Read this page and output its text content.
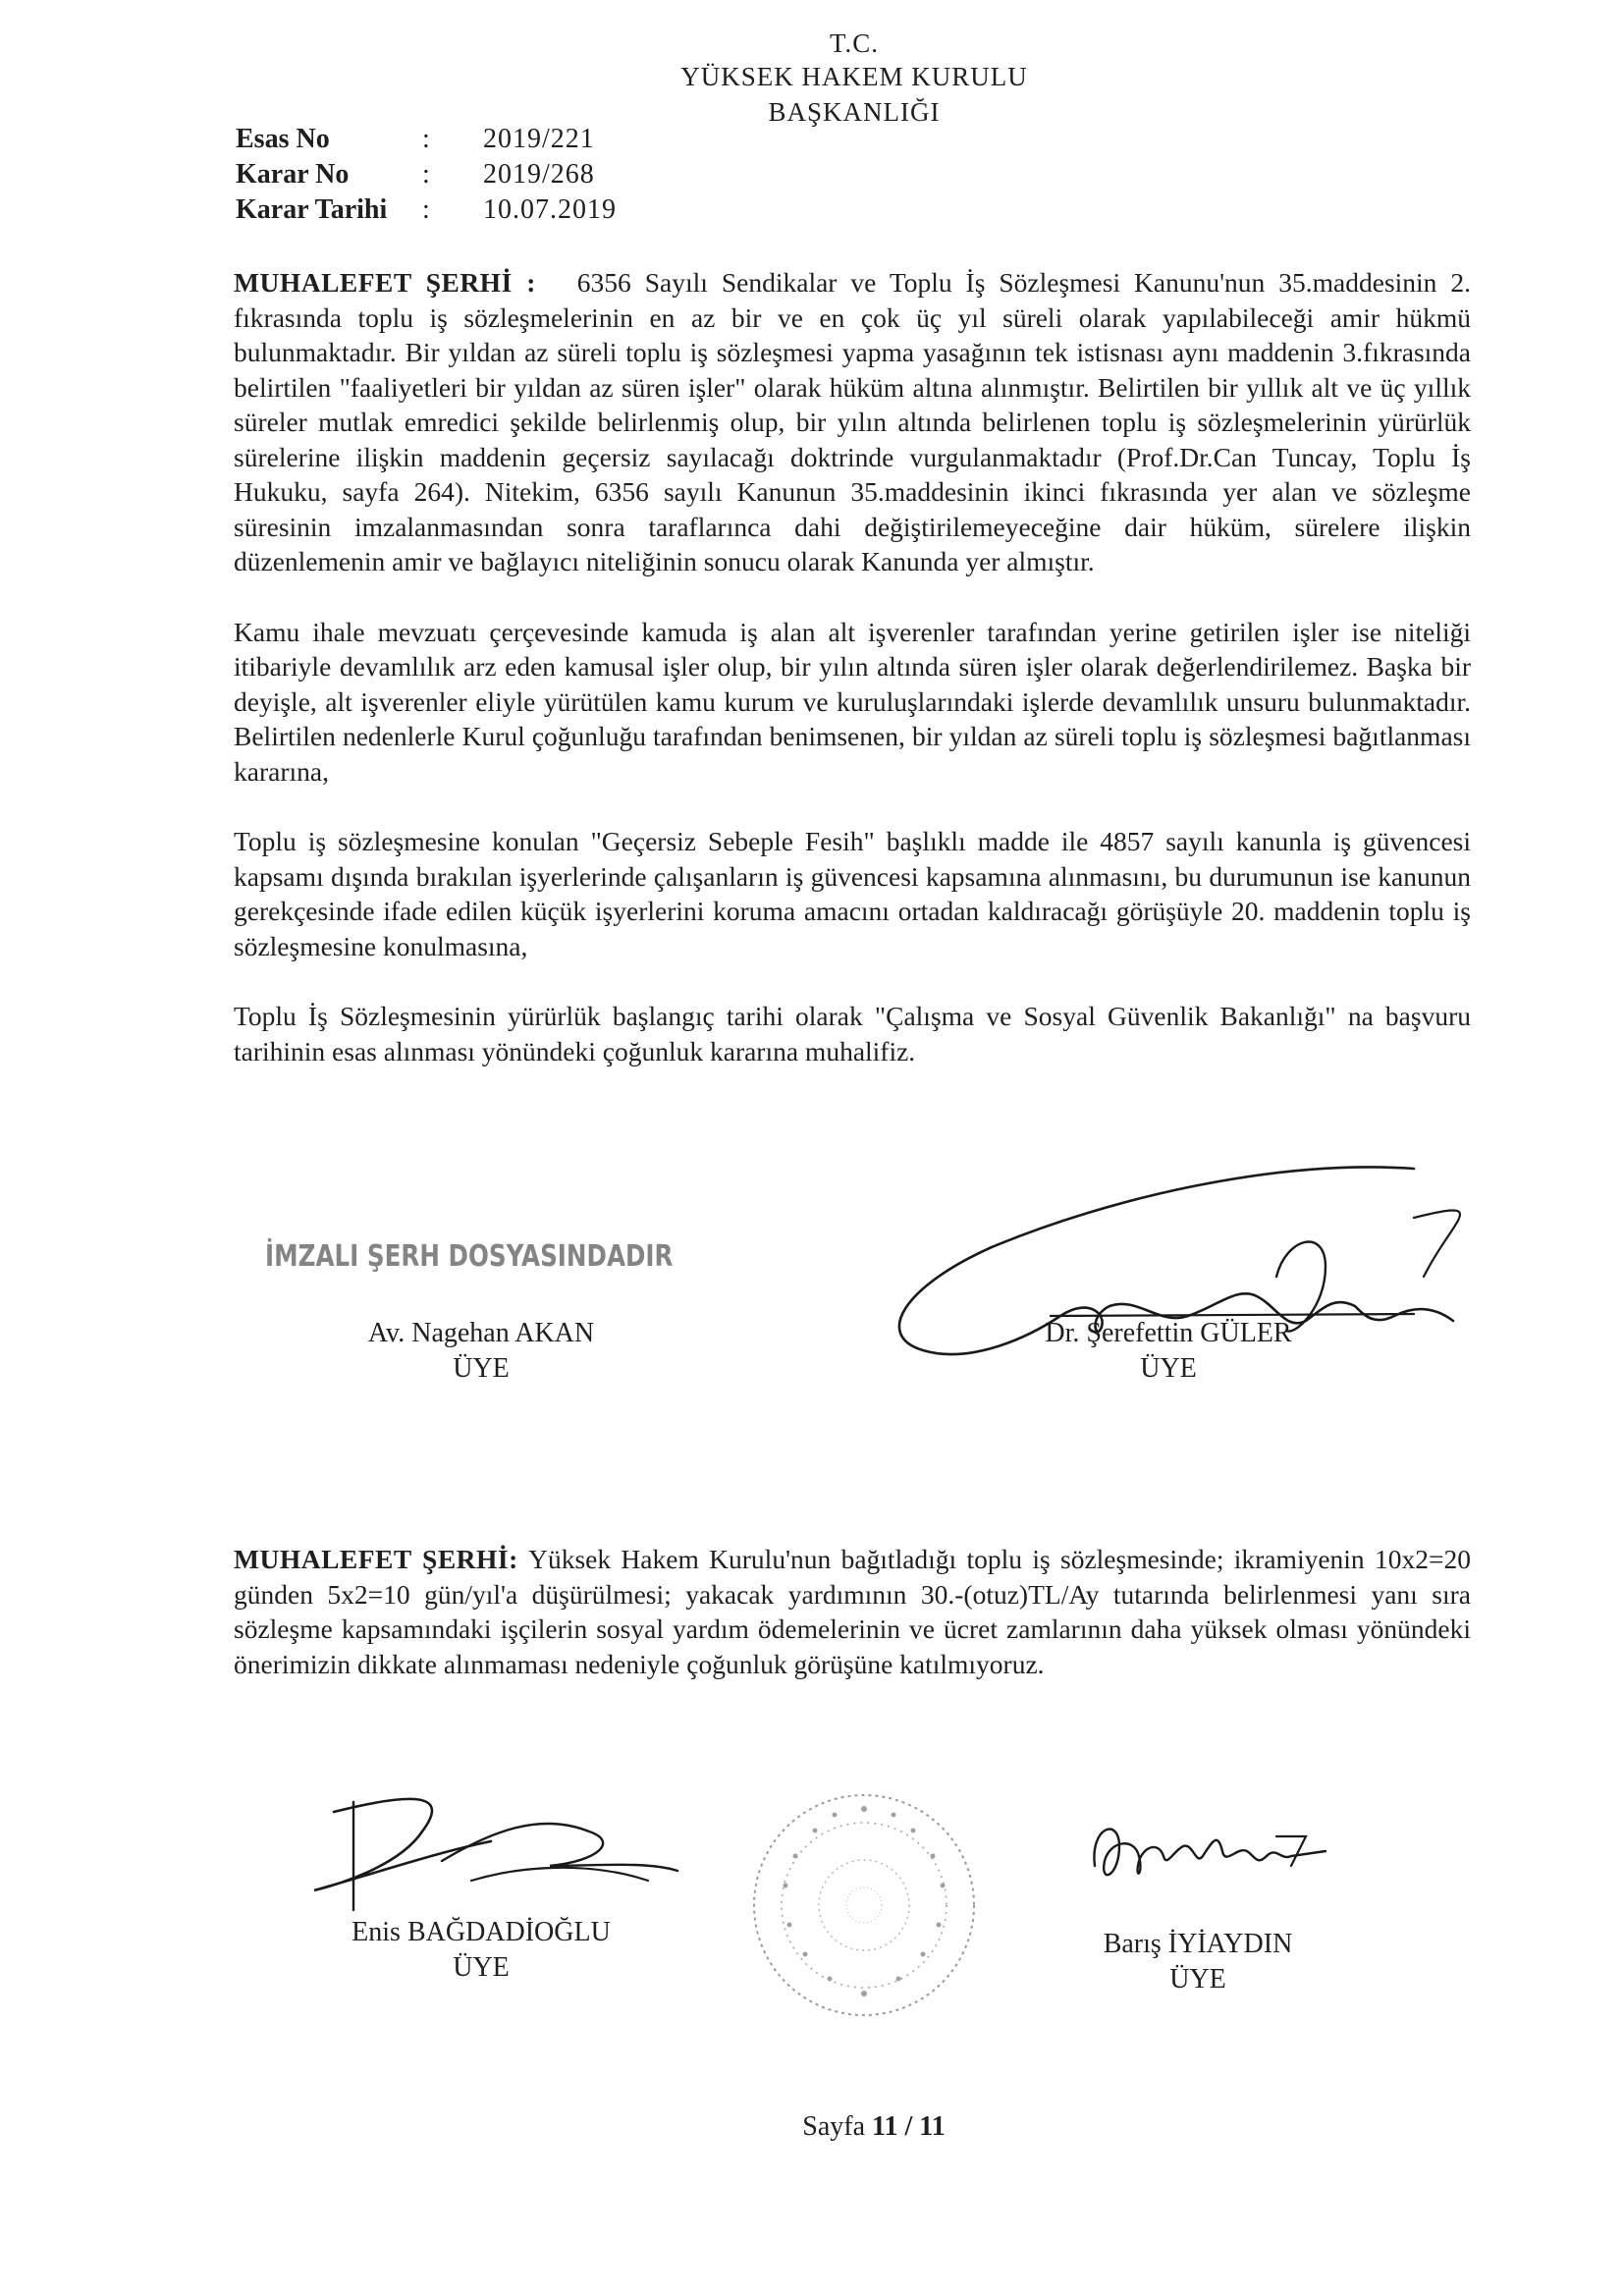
T.C.
YÜKSEK HAKEM KURULU
BAŞKANLIĞI
Esas No	:	2019/221
Karar No	:	2019/268
Karar Tarihi	:	10.07.2019

MUHALEFET ŞERHİ : 6356 Sayılı Sendikalar ve Toplu İş Sözleşmesi Kanunu'nun 35.maddesinin 2. fıkrasında toplu iş sözleşmelerinin en az bir ve en çok üç yıl süreli olarak yapılabileceği amir hükmü bulunmaktadır. Bir yıldan az süreli toplu iş sözleşmesi yapma yasağının tek istisnası aynı maddenin 3.fıkrasında belirtilen "faaliyetleri bir yıldan az süren işler" olarak hüküm altına alınmıştır. Belirtilen bir yıllık alt ve üç yıllık süreler mutlak emredici şekilde belirlenmiş olup, bir yılın altında belirlenen toplu iş sözleşmelerinin yürürlük sürelerine ilişkin maddenin geçersiz sayılacağı doktrinde vurgulanmaktadır (Prof.Dr.Can Tuncay, Toplu İş Hukuku, sayfa 264). Nitekim, 6356 sayılı Kanunun 35.maddesinin ikinci fıkrasında yer alan ve sözleşme süresinin imzalanmasından sonra taraflarınca dahi değiştirilemeyeceğine dair hüküm, sürelere ilişkin düzenlemenin amir ve bağlayıcı niteliğinin sonucu olarak Kanunda yer almıştır.

Kamu ihale mevzuatı çerçevesinde kamuda iş alan alt işverenler tarafından yerine getirilen işler ise niteliği itibariyle devamlılık arz eden kamusal işler olup, bir yılın altında süren işler olarak değerlendirilemez. Başka bir deyişle, alt işverenler eliyle yürütülen kamu kurum ve kuruluşlarındaki işlerde devamlılık unsuru bulunmaktadır. Belirtilen nedenlerle Kurul çoğunluğu tarafından benimsenen, bir yıldan az süreli toplu iş sözleşmesi bağıtlanması kararına,

Toplu iş sözleşmesine konulan "Geçersiz Sebeple Fesih" başlıklı madde ile 4857 sayılı kanunla iş güvencesi kapsamı dışında bırakılan işyerlerinde çalışanların iş güvencesi kapsamına alınmasını, bu durumunun ise kanunun gerekçesinde ifade edilen küçük işyerlerini koruma amacını ortadan kaldıracağı görüşüyle 20. maddenin toplu iş sözleşmesine konulmasına,

Toplu İş Sözleşmesinin yürürlük başlangıç tarihi olarak "Çalışma ve Sosyal Güvenlik Bakanlığı" na başvuru tarihinin esas alınması yönündeki çoğunluk kararına muhalifiz.

İMZALI ŞERH DOSYASINDADIR
Av. Nagehan AKAN
ÜYE
Dr. Şerefettin GÜLER
ÜYE

MUHALEFET ŞERHİ: Yüksek Hakem Kurulu'nun bağıtladığı toplu iş sözleşmesinde; ikramiyenin 10x2=20 günden 5x2=10 gün/yıl'a düşürülmesi; yakacak yardımının 30.-(otuz)TL/Ay tutarında belirlenmesi yanı sıra sözleşme kapsamındaki işçilerin sosyal yardım ödemelerinin ve ücret zamlarının daha yüksek olması yönündeki önerimizin dikkate alınmaması nedeniyle çoğunluk görüşüne katılmıyoruz.

Enis BAĞDADİOĞLU
ÜYE
Barış İYİAYDIN
ÜYE
Sayfa 11 / 11
